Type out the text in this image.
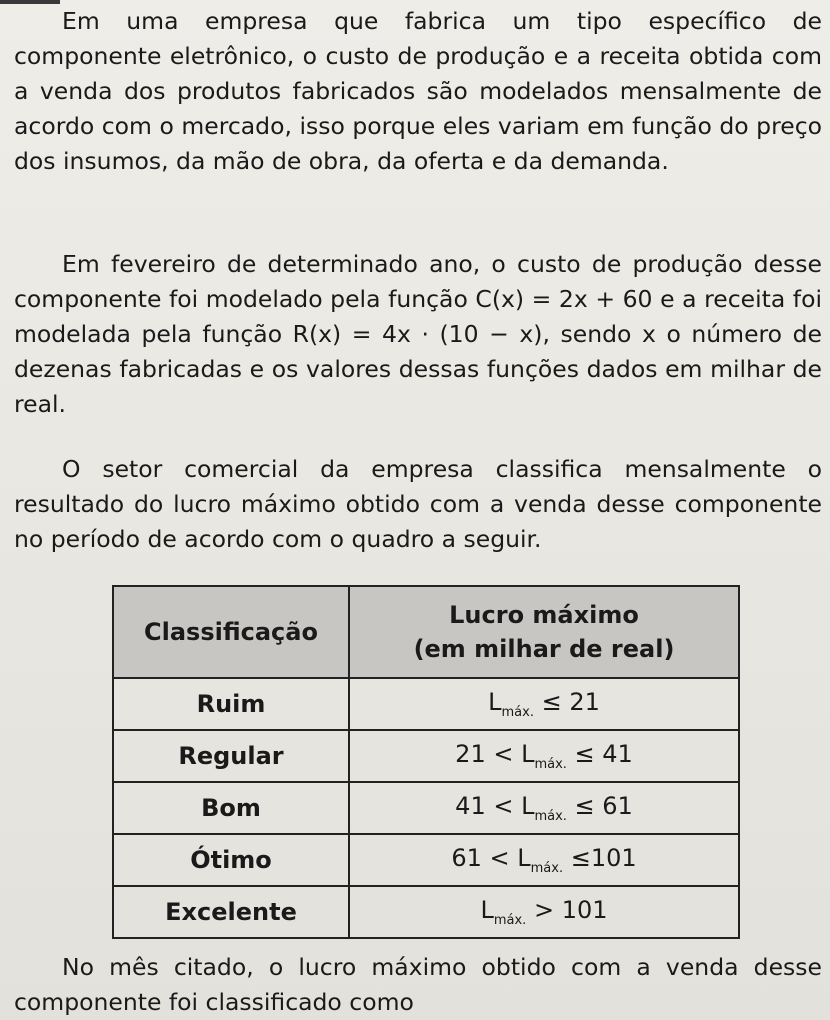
Em uma empresa que fabrica um tipo específico de componente eletrônico, o custo de produção e a receita obtida com a venda dos produtos fabricados são modelados mensalmente de acordo com o mercado, isso porque eles variam em função do preço dos insumos, da mão de obra, da oferta e da demanda.

Em fevereiro de determinado ano, o custo de produção desse componente foi modelado pela função C(x) = 2x + 60 e a receita foi modelada pela função R(x) = 4x · (10 − x), sendo x o número de dezenas fabricadas e os valores dessas funções dados em milhar de real.

O setor comercial da empresa classifica mensalmente o resultado do lucro máximo obtido com a venda desse componente no período de acordo com o quadro a seguir.

Classificação	Lucro máximo
(em milhar de real)
Ruim	$L_{máx.} \le 21$
Regular	$21 < L_{máx.} \le 41$
Bom	$41 < L_{máx.} \le 61$
Ótimo	$61 < L_{máx.} \le 101$
Excelente	$L_{máx.} > 101$

No mês citado, o lucro máximo obtido com a venda desse componente foi classificado como
